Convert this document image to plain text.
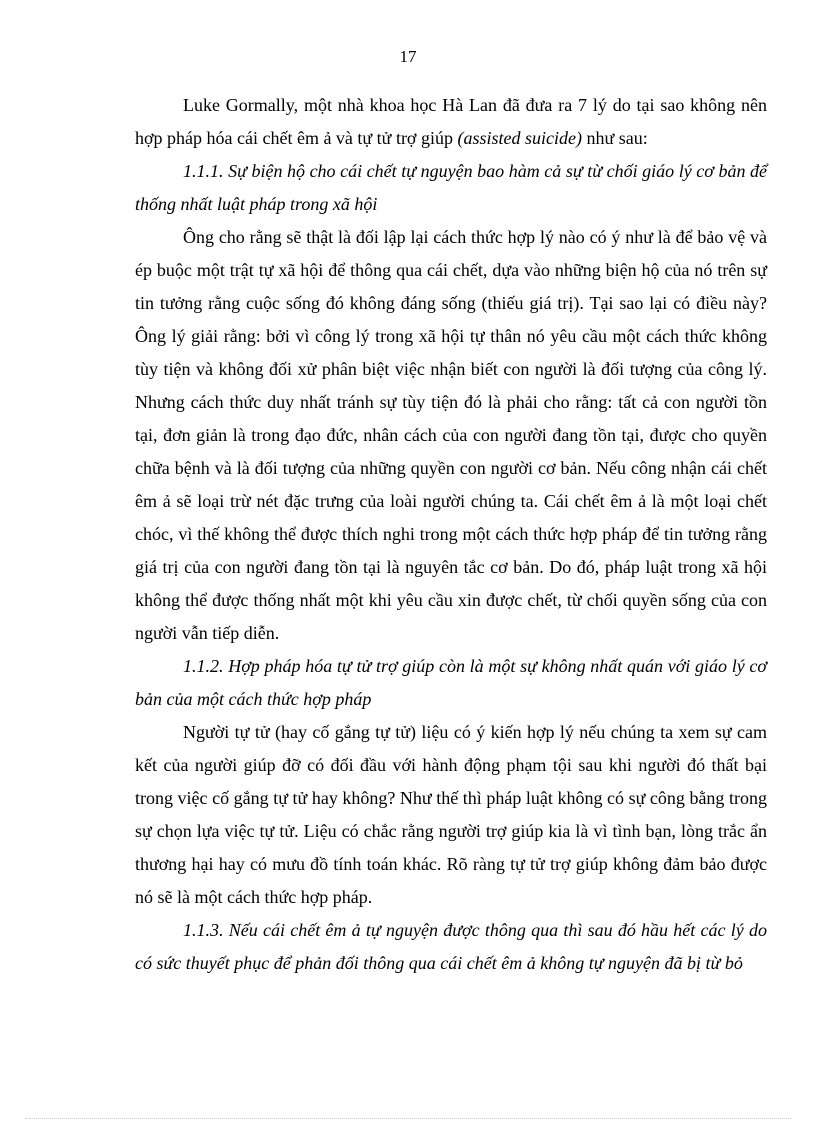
17

Luke Gormally, một nhà khoa học Hà Lan đã đưa ra 7 lý do tại sao không nên hợp pháp hóa cái chết êm ả và tự tử trợ giúp (assisted suicide) như sau:

1.1.1. Sự biện hộ cho cái chết tự nguyện bao hàm cả sự từ chối giáo lý cơ bản để thống nhất luật pháp trong xã hội

Ông cho rằng sẽ thật là đối lập lại cách thức hợp lý nào có ý như là để bảo vệ và ép buộc một trật tự xã hội để thông qua cái chết, dựa vào những biện hộ của nó trên sự tin tưởng rằng cuộc sống đó không đáng sống (thiếu giá trị). Tại sao lại có điều này? Ông lý giải rằng: bởi vì công lý trong xã hội tự thân nó yêu cầu một cách thức không tùy tiện và không đối xử phân biệt việc nhận biết con người là đối tượng của công lý. Nhưng cách thức duy nhất tránh sự tùy tiện đó là phải cho rằng: tất cả con người tồn tại, đơn giản là trong đạo đức, nhân cách của con người đang tồn tại, được cho quyền chữa bệnh và là đối tượng của những quyền con người cơ bản. Nếu công nhận cái chết êm ả sẽ loại trừ nét đặc trưng của loài người chúng ta. Cái chết êm ả là một loại chết chóc, vì thế không thể được thích nghi trong một cách thức hợp pháp để tin tưởng rằng giá trị của con người đang tồn tại là nguyên tắc cơ bản. Do đó, pháp luật trong xã hội không thể được thống nhất một khi yêu cầu xin được chết, từ chối quyền sống của con người vẫn tiếp diễn.

1.1.2. Hợp pháp hóa tự tử trợ giúp còn là một sự không nhất quán với giáo lý cơ bản của một cách thức hợp pháp

Người tự tử (hay cố gắng tự tử) liệu có ý kiến hợp lý nếu chúng ta xem sự cam kết của người giúp đỡ có đối đầu với hành động phạm tội sau khi người đó thất bại trong việc cố gắng tự tử hay không? Như thế thì pháp luật không có sự công bằng trong sự chọn lựa việc tự tử. Liệu có chắc rằng người trợ giúp kia là vì tình bạn, lòng trắc ẩn thương hại hay có mưu đồ tính toán khác. Rõ ràng tự tử trợ giúp không đảm bảo được nó sẽ là một cách thức hợp pháp.

1.1.3. Nếu cái chết êm ả tự nguyện được thông qua thì sau đó hầu hết các lý do có sức thuyết phục để phản đối thông qua cái chết êm ả không tự nguyện đã bị từ bỏ
